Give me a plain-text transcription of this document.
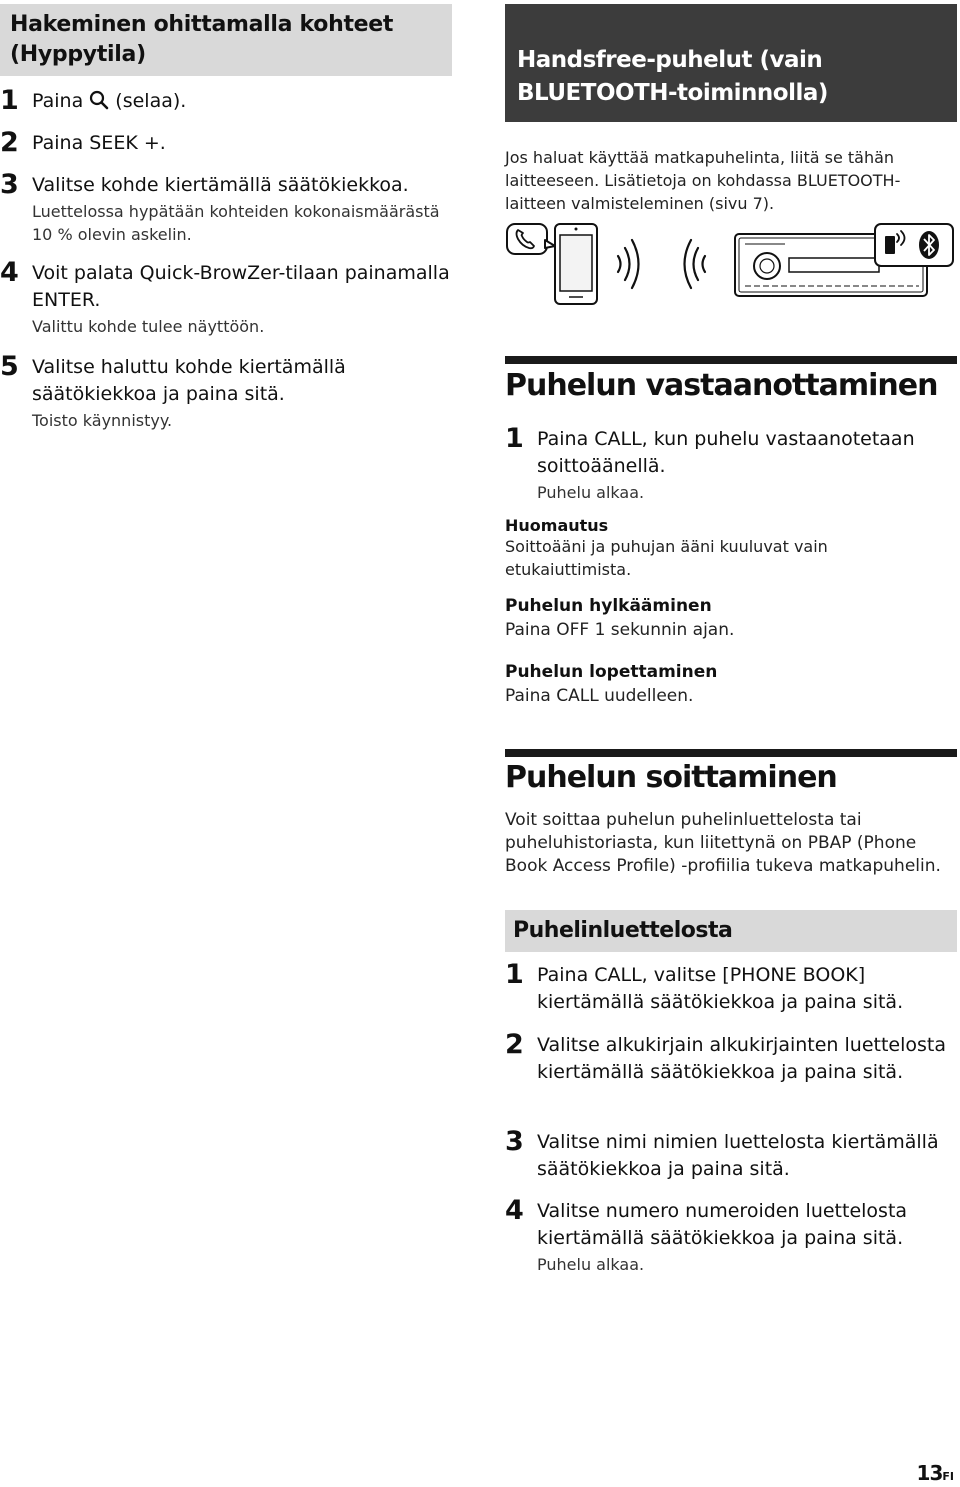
Hakeminen ohittamalla kohteet (Hyppytila)
1 Paina  (selaa).
2 Paina SEEK +.
3 Valitse kohde kiertämällä säätökiekkoa.
Luettelossa hypätään kohteiden kokonaismäärästä 10 % olevin askelin.
4 Voit palata Quick-BrowZer-tilaan painamalla ENTER.
Valittu kohde tulee näyttöön.
5 Valitse haluttu kohde kiertämällä säätökiekkoa ja paina sitä.
Toisto käynnistyy.
Handsfree-puhelut (vain BLUETOOTH-toiminnolla)
Jos haluat käyttää matkapuhelinta, liitä se tähän laitteeseen. Lisätietoja on kohdassa BLUETOOTH-laitteen valmisteleminen (sivu 7).
Puhelun vastaanottaminen
1 Paina CALL, kun puhelu vastaanotetaan soittoäänellä.
Puhelu alkaa.
Huomautus
Soittoääni ja puhujan ääni kuuluvat vain etukaiuttimista.
Puhelun hylkääminen
Paina OFF 1 sekunnin ajan.
Puhelun lopettaminen
Paina CALL uudelleen.
Puhelun soittaminen
Voit soittaa puhelun puhelinluettelosta tai puheluhistoriasta, kun liitettynä on PBAP (Phone Book Access Profile) -profiilia tukeva matkapuhelin.
Puhelinluettelosta
1 Paina CALL, valitse [PHONE BOOK] kiertämällä säätökiekkoa ja paina sitä.
2 Valitse alkukirjain alkukirjainten luettelosta kiertämällä säätökiekkoa ja paina sitä.
3 Valitse nimi nimien luettelosta kiertämällä säätökiekkoa ja paina sitä.
4 Valitse numero numeroiden luettelosta kiertämällä säätökiekkoa ja paina sitä.
Puhelu alkaa.
13FI
